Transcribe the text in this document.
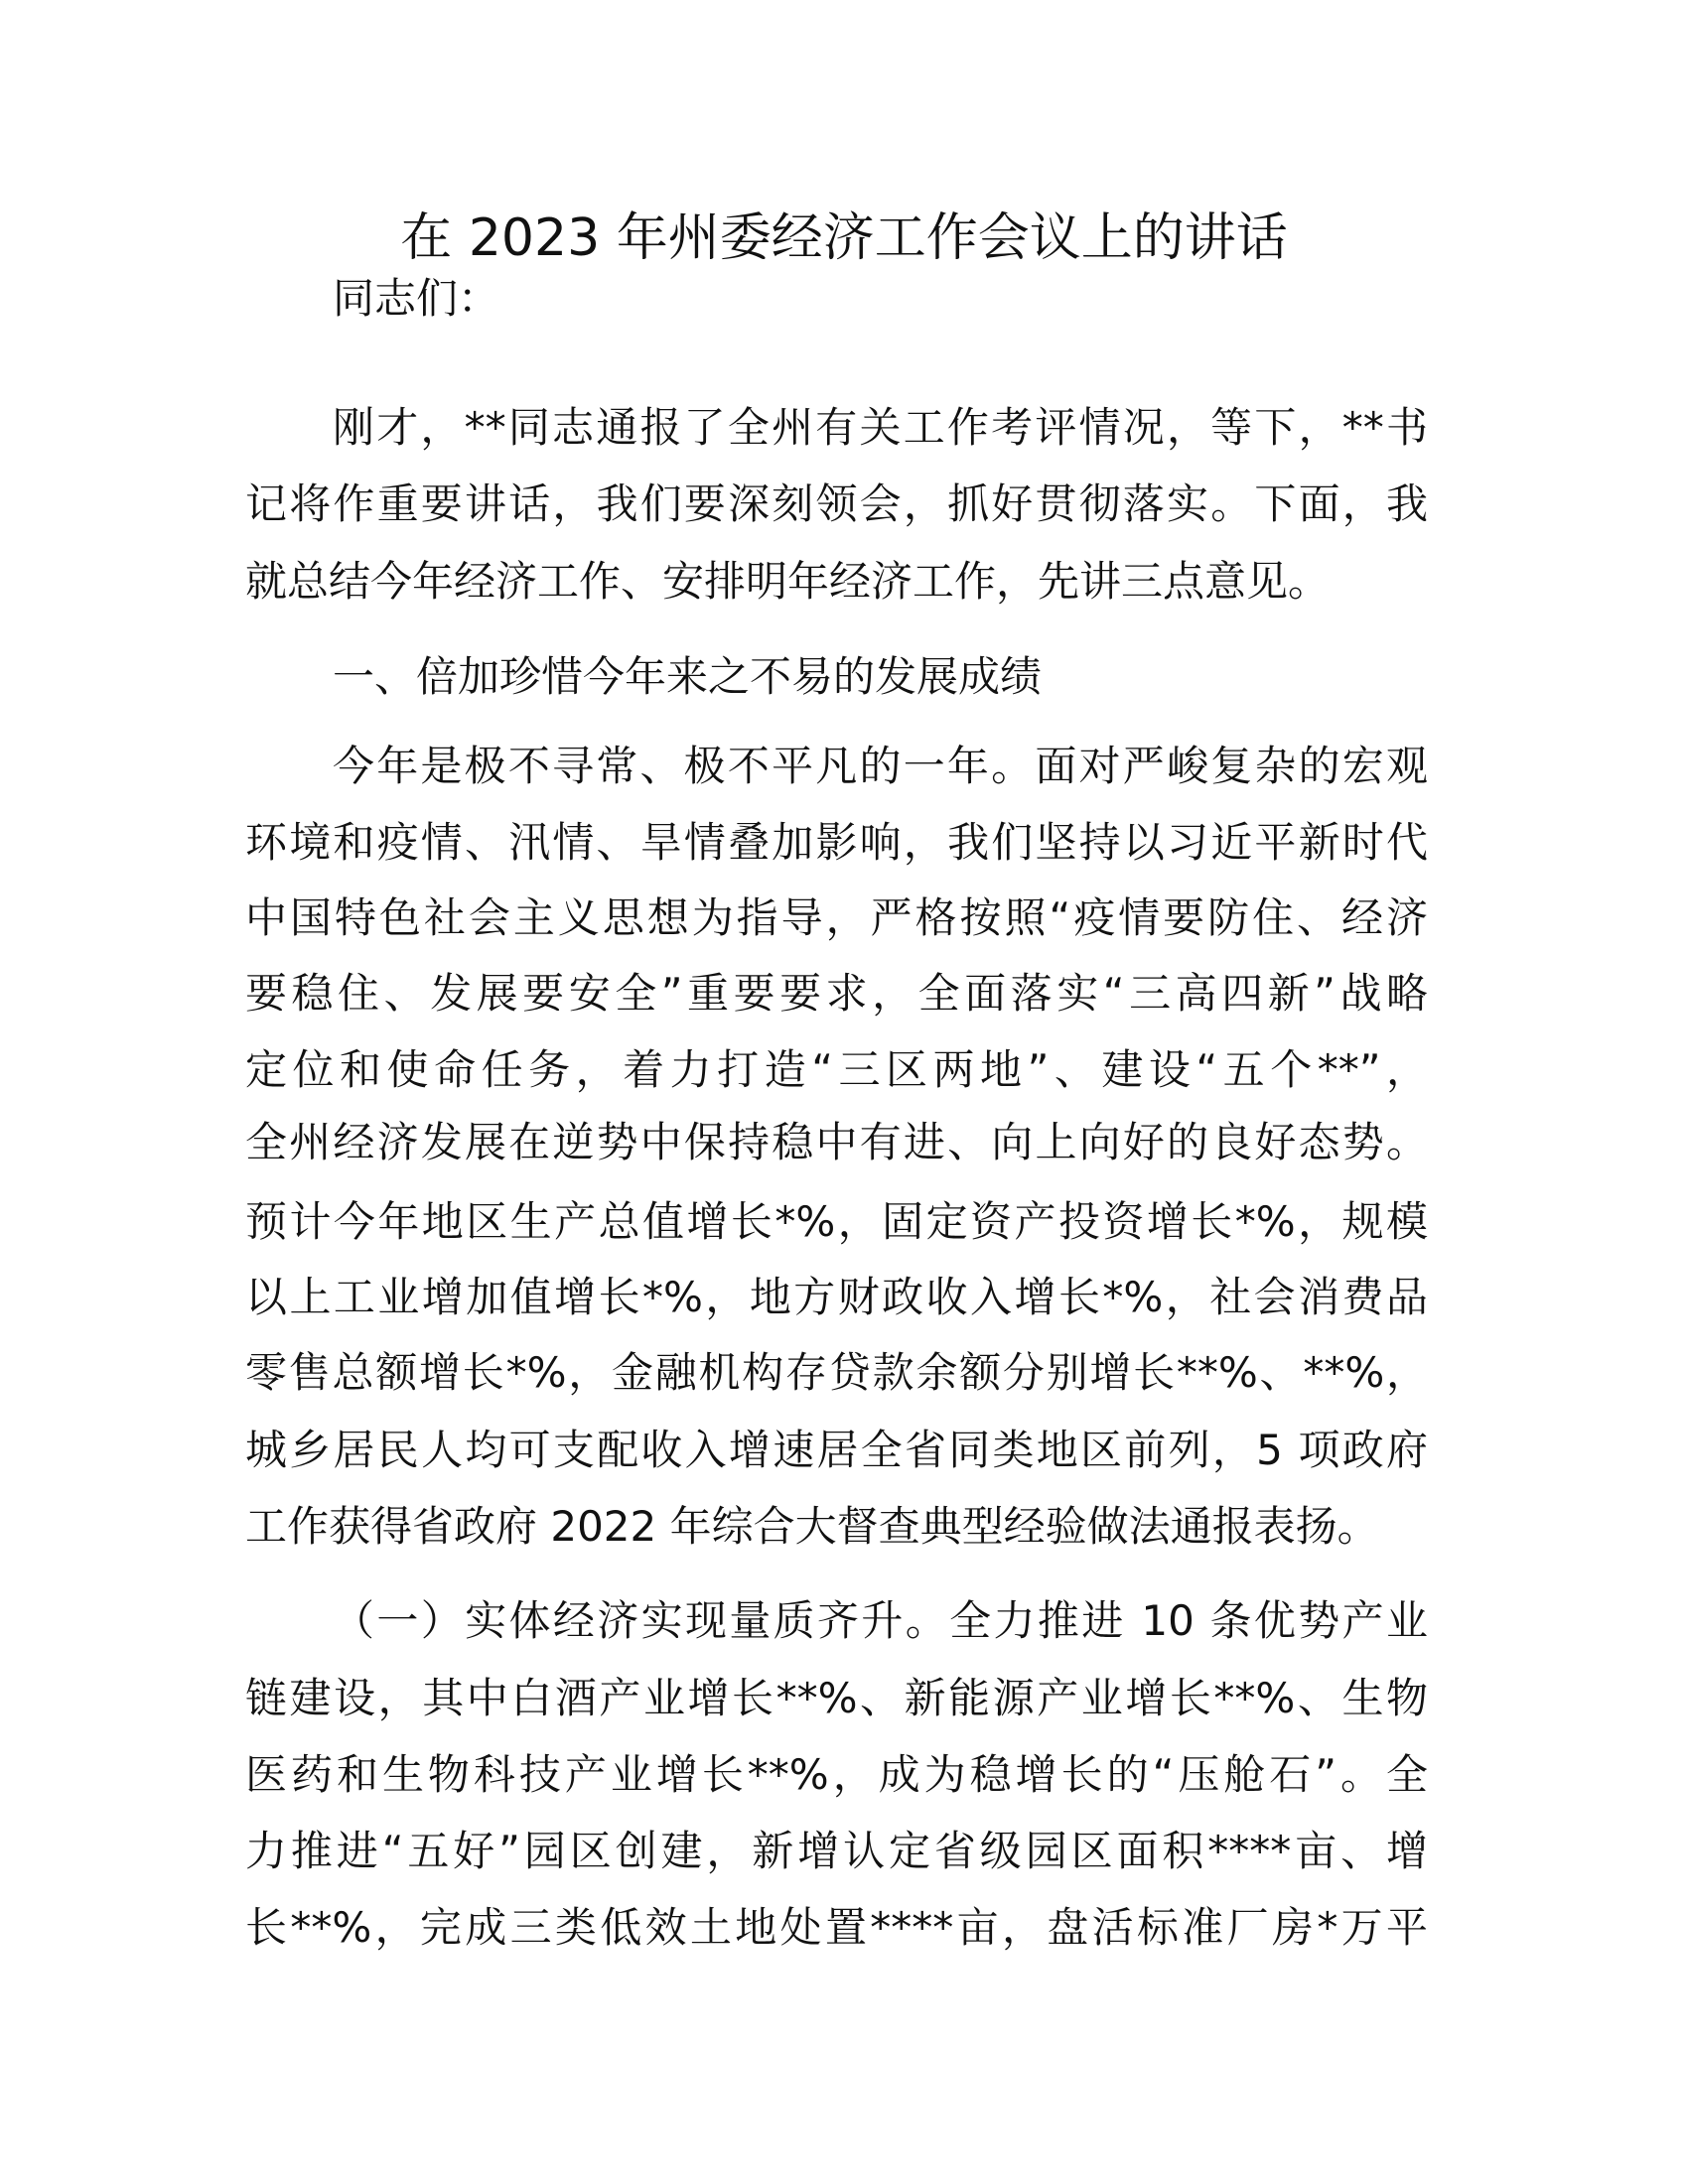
在 2023 年州委经济工作会议上的讲话
同志们：
刚才，**同志通报了全州有关工作考评情况，等下，**书
记将作重要讲话，我们要深刻领会，抓好贯彻落实。下面，我
就总结今年经济工作、安排明年经济工作，先讲三点意见。
一、倍加珍惜今年来之不易的发展成绩
今年是极不寻常、极不平凡的一年。面对严峻复杂的宏观
环境和疫情、汛情、旱情叠加影响，我们坚持以习近平新时代
中国特色社会主义思想为指导，严格按照“疫情要防住、经济
要稳住、发展要安全”重要要求，全面落实“三高四新”战略
定位和使命任务，着力打造“三区两地”、建设“五个**”，
全州经济发展在逆势中保持稳中有进、向上向好的良好态势。
预计今年地区生产总值增长*%，固定资产投资增长*%，规模
以上工业增加值增长*%，地方财政收入增长*%，社会消费品
零售总额增长*%，金融机构存贷款余额分别增长**%、**%，
城乡居民人均可支配收入增速居全省同类地区前列，5 项政府
工作获得省政府 2022 年综合大督查典型经验做法通报表扬。
（一）实体经济实现量质齐升。全力推进 10 条优势产业
链建设，其中白酒产业增长**%、新能源产业增长**%、生物
医药和生物科技产业增长**%，成为稳增长的“压舱石”。全
力推进“五好”园区创建，新增认定省级园区面积****亩、增
长**%，完成三类低效土地处置****亩，盘活标准厂房*万平
